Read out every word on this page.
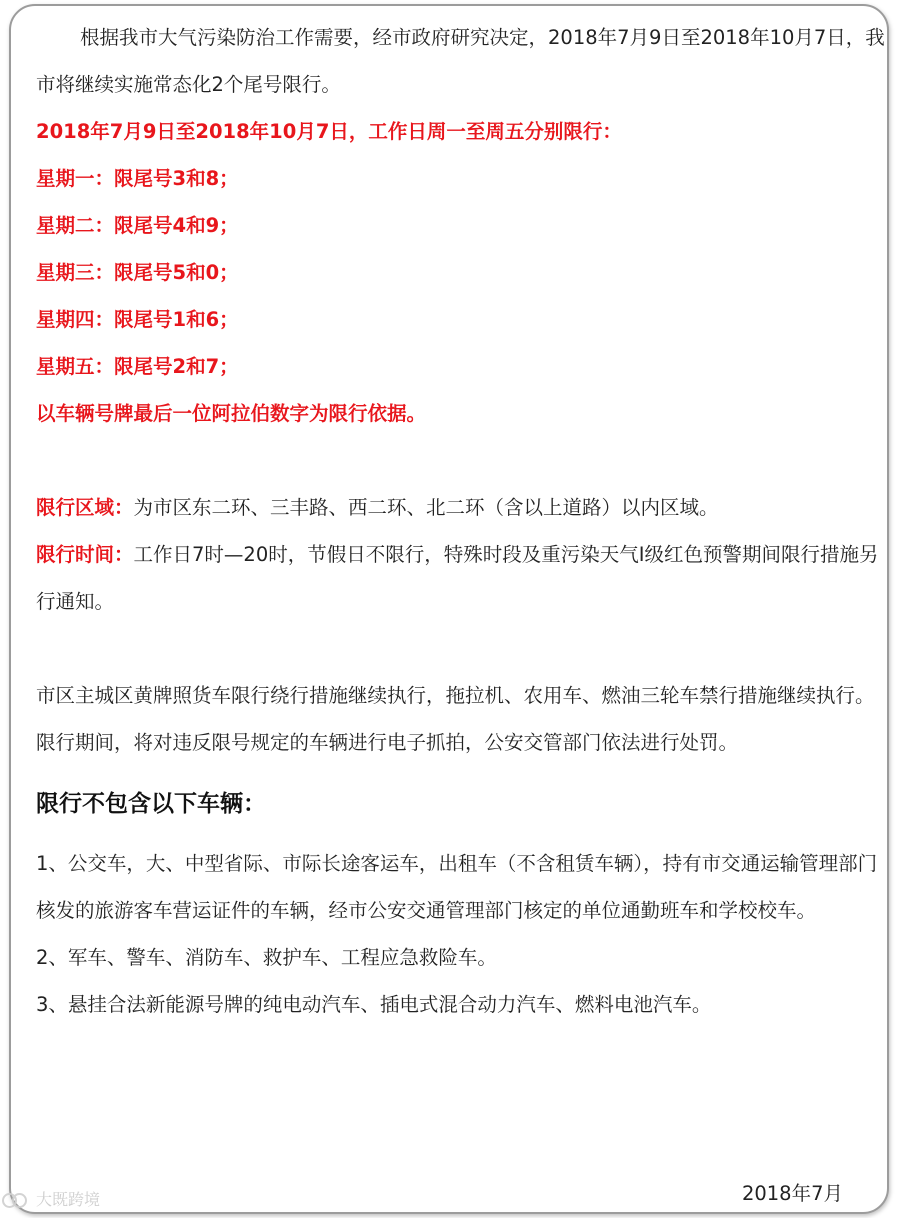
根据我市大气污染防治工作需要，经市政府研究决定，2018年7月9日至2018年10月7日，我市将继续实施常态化2个尾号限行。

2018年7月9日至2018年10月7日，工作日周一至周五分别限行：

星期一：限尾号3和8；

星期二：限尾号4和9；

星期三：限尾号5和0；

星期四：限尾号1和6；

星期五：限尾号2和7；

以车辆号牌最后一位阿拉伯数字为限行依据。

限行区域：为市区东二环、三丰路、西二环、北二环（含以上道路）以内区域。

限行时间：工作日7时—20时，节假日不限行，特殊时段及重污染天气I级红色预警期间限行措施另行通知。

市区主城区黄牌照货车限行绕行措施继续执行，拖拉机、农用车、燃油三轮车禁行措施继续执行。

限行期间，将对违反限号规定的车辆进行电子抓拍，公安交管部门依法进行处罚。

限行不包含以下车辆：

1、公交车，大、中型省际、市际长途客运车，出租车（不含租赁车辆），持有市交通运输管理部门核发的旅游客车营运证件的车辆，经市公安交通管理部门核定的单位通勤班车和学校校车。

2、军车、警车、消防车、救护车、工程应急救险车。

3、悬挂合法新能源号牌的纯电动汽车、插电式混合动力汽车、燃料电池汽车。

2018年7月
大既跨境
